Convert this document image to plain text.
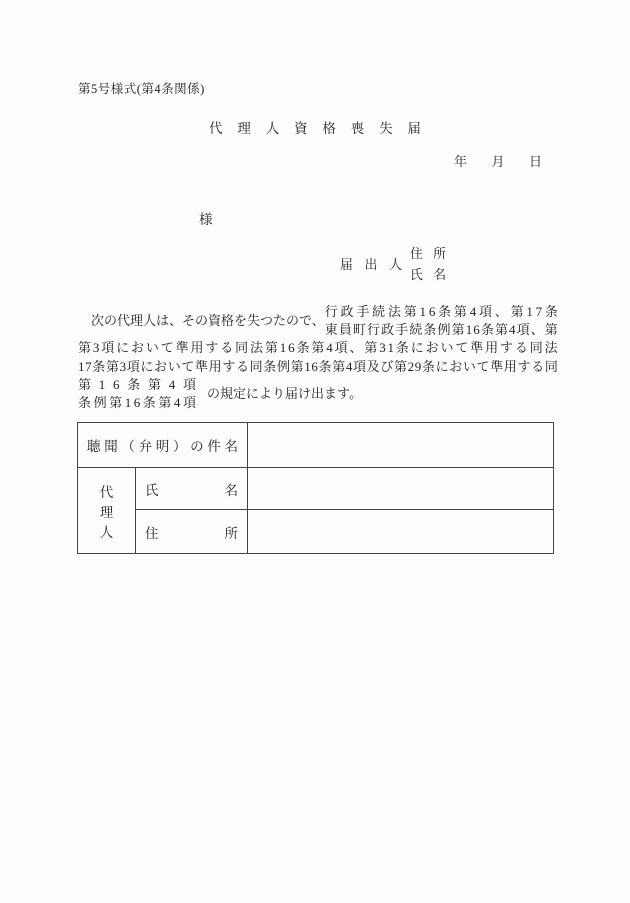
第5号様式(第4条関係)
代 理 人 資 格 喪 失 届
年 月 日
様
届 出 人
住 所
氏 名
次の代理人は、その資格を失つたので、
行 政 手 続 法 第 1 6 条 第 4 項 、 第 1 7 条
東 員 町 行 政 手 続 条 例 第 1 6 条 第 4 項 、 第
第 3 項 に お い て 準 用 す る 同 法 第 1 6 条 第 4 項 、 第 3 1 条 に お い て 準 用 す る 同 法
1 7 条 第 3 項 に お い て 準 用 す る 同 条 例 第 1 6 条 第 4 項 及 び 第 2 9 条 に お い て 準 用 す る 同
第 1 6 条 第 4 項
条 例 第 1 6 条 第 4 項
の規定により届け出ます。
聴 聞 （ 弁 明 ） の 件 名

代
理
人	氏 名	

	住 所	
